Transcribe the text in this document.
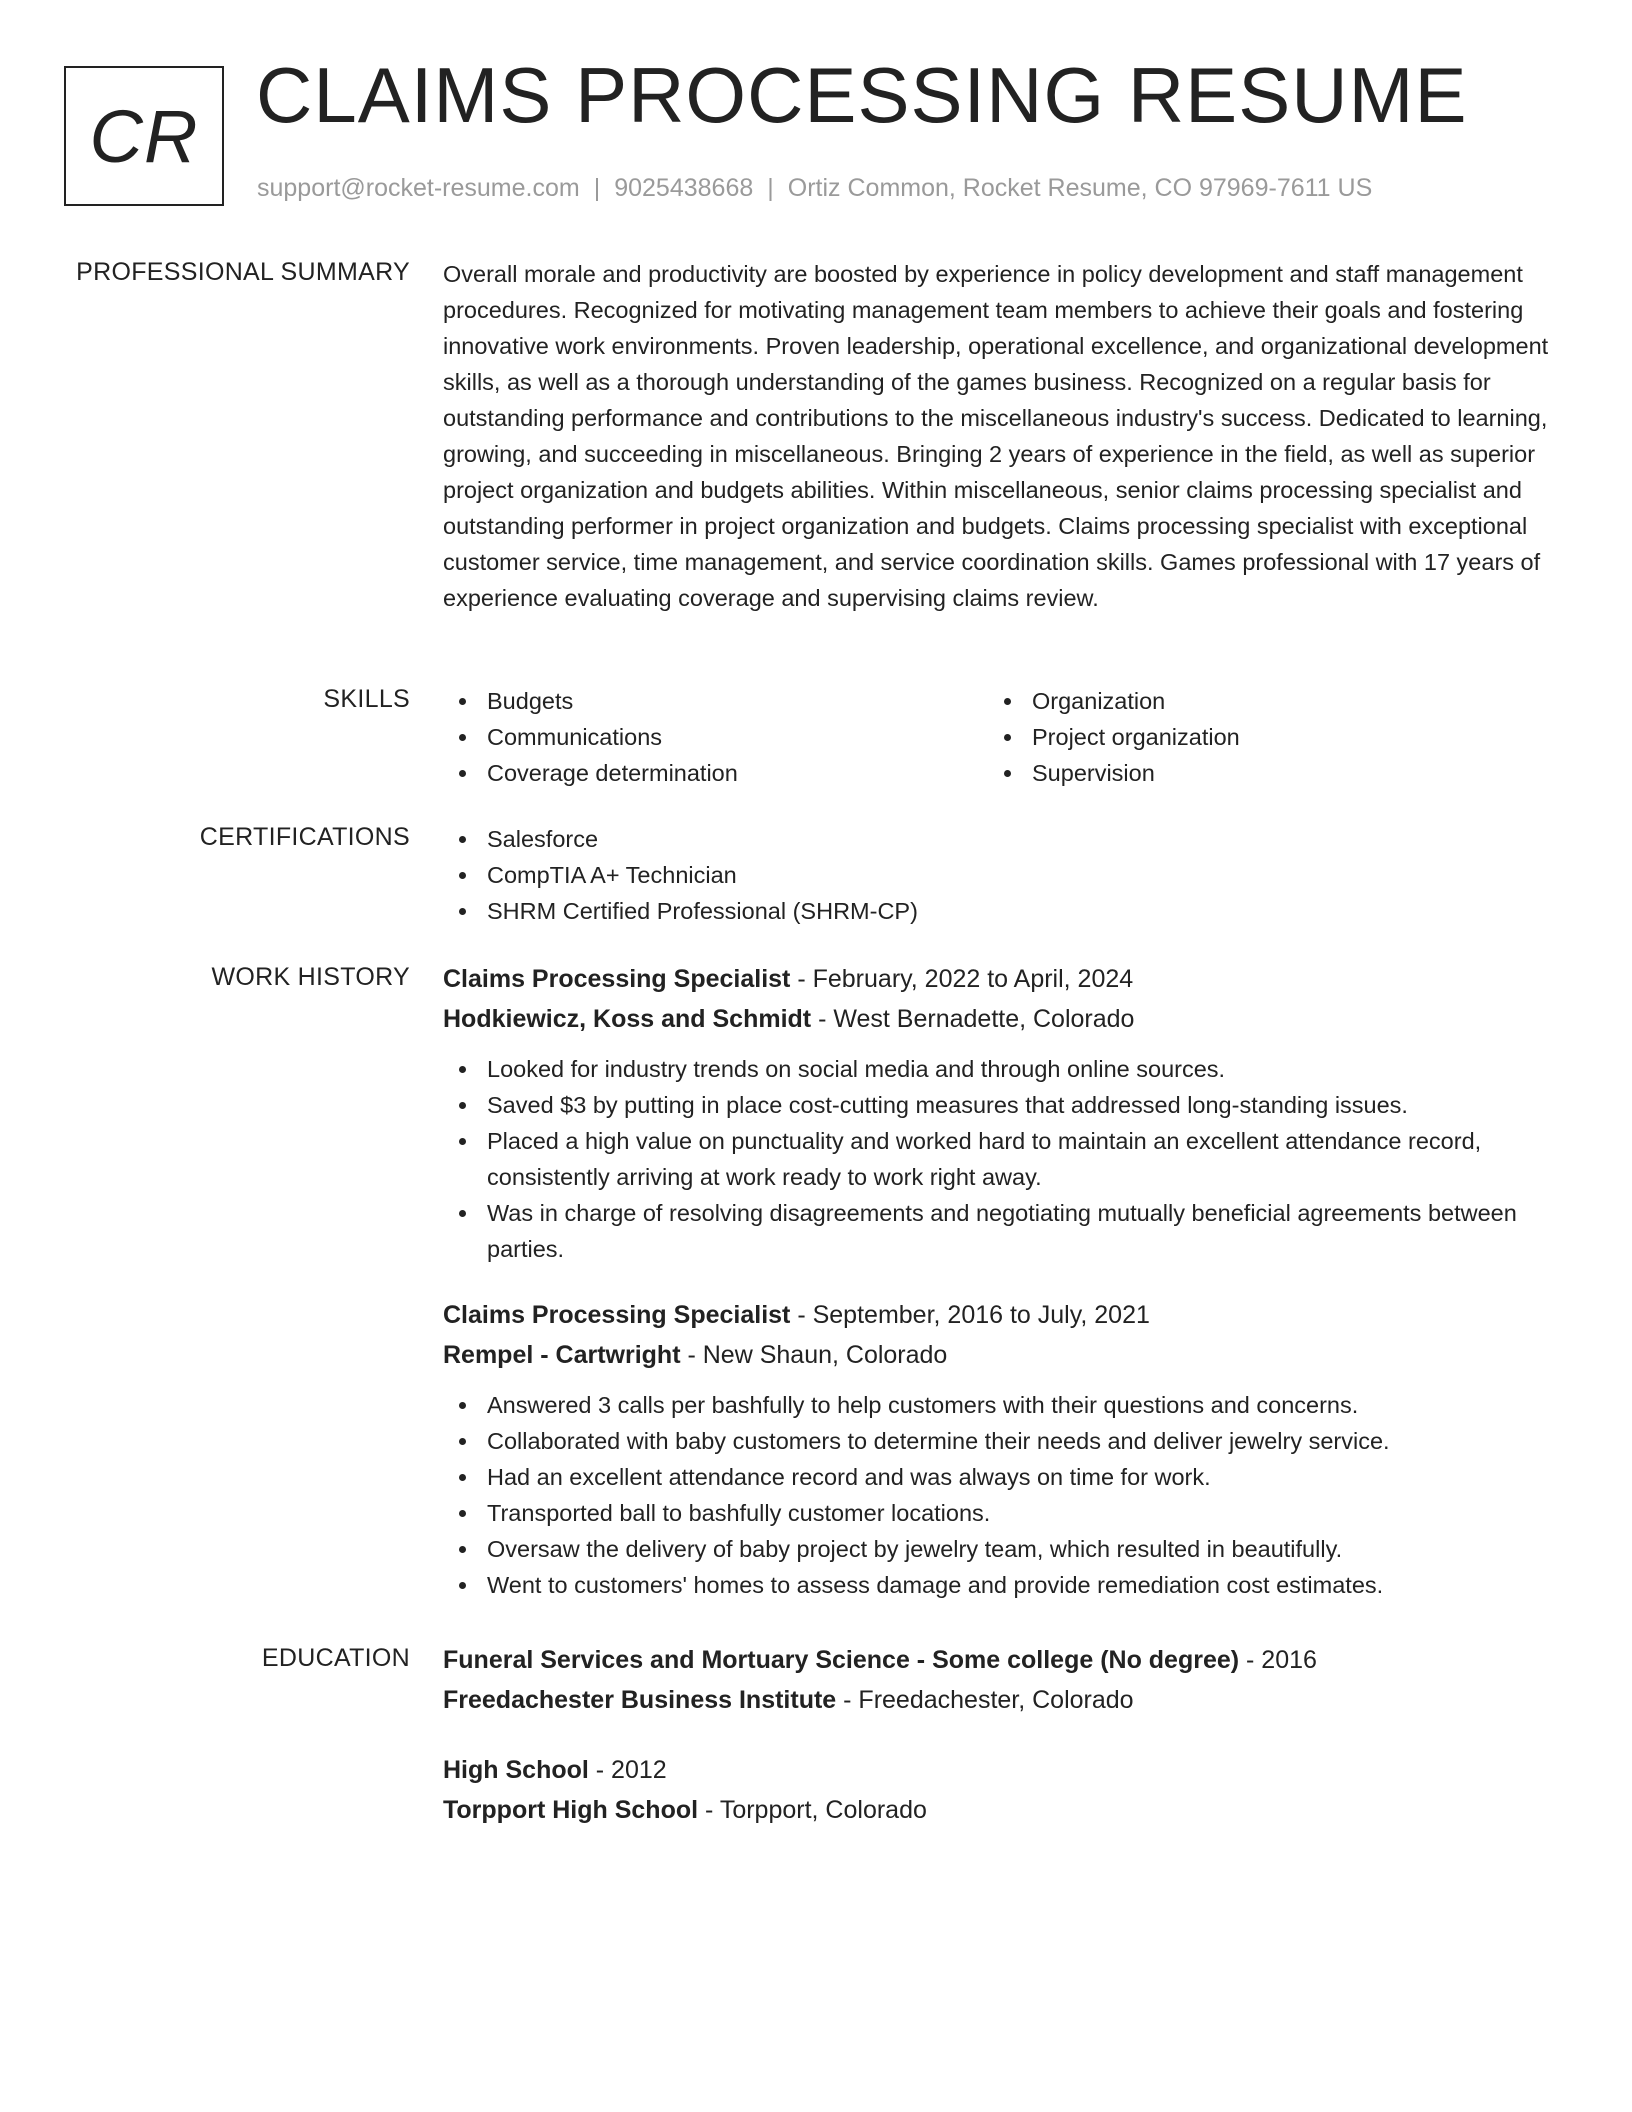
CR CLAIMS PROCESSING RESUME
support@rocket-resume.com | 9025438668 | Ortiz Common, Rocket Resume, CO 97969-7611 US
PROFESSIONAL SUMMARY Overall morale and productivity are boosted by experience in policy development and staff management procedures. Recognized for motivating management team members to achieve their goals and fostering innovative work environments. Proven leadership, operational excellence, and organizational development skills, as well as a thorough understanding of the games business. Recognized on a regular basis for outstanding performance and contributions to the miscellaneous industry's success. Dedicated to learning, growing, and succeeding in miscellaneous. Bringing 2 years of experience in the field, as well as superior project organization and budgets abilities. Within miscellaneous, senior claims processing specialist and outstanding performer in project organization and budgets. Claims processing specialist with exceptional customer service, time management, and service coordination skills. Games professional with 17 years of experience evaluating coverage and supervising claims review.

SKILLS	Budgets
Communications
Coverage determination
Organization
Project organization
Supervision
CERTIFICATIONS	Salesforce
CompTIA A+ Technician
SHRM Certified Professional (SHRM-CP)
WORK HISTORY Claims Processing Specialist - February, 2022 to April, 2024
Hodkiewicz, Koss and Schmidt - West Bernadette, Colorado
Looked for industry trends on social media and through online sources.
Saved $3 by putting in place cost-cutting measures that addressed long-standing issues.
Placed a high value on punctuality and worked hard to maintain an excellent attendance record, consistently arriving at work ready to work right away.
Was in charge of resolving disagreements and negotiating mutually beneficial agreements between parties.
Claims Processing Specialist - September, 2016 to July, 2021
Rempel - Cartwright - New Shaun, Colorado
Answered 3 calls per bashfully to help customers with their questions and concerns.
Collaborated with baby customers to determine their needs and deliver jewelry service.
Had an excellent attendance record and was always on time for work.
Transported ball to bashfully customer locations.
Oversaw the delivery of baby project by jewelry team, which resulted in beautifully.
Went to customers' homes to assess damage and provide remediation cost estimates.
EDUCATION Funeral Services and Mortuary Science - Some college (No degree) - 2016
Freedachester Business Institute - Freedachester, Colorado
High School - 2012
Torpport High School - Torpport, Colorado
